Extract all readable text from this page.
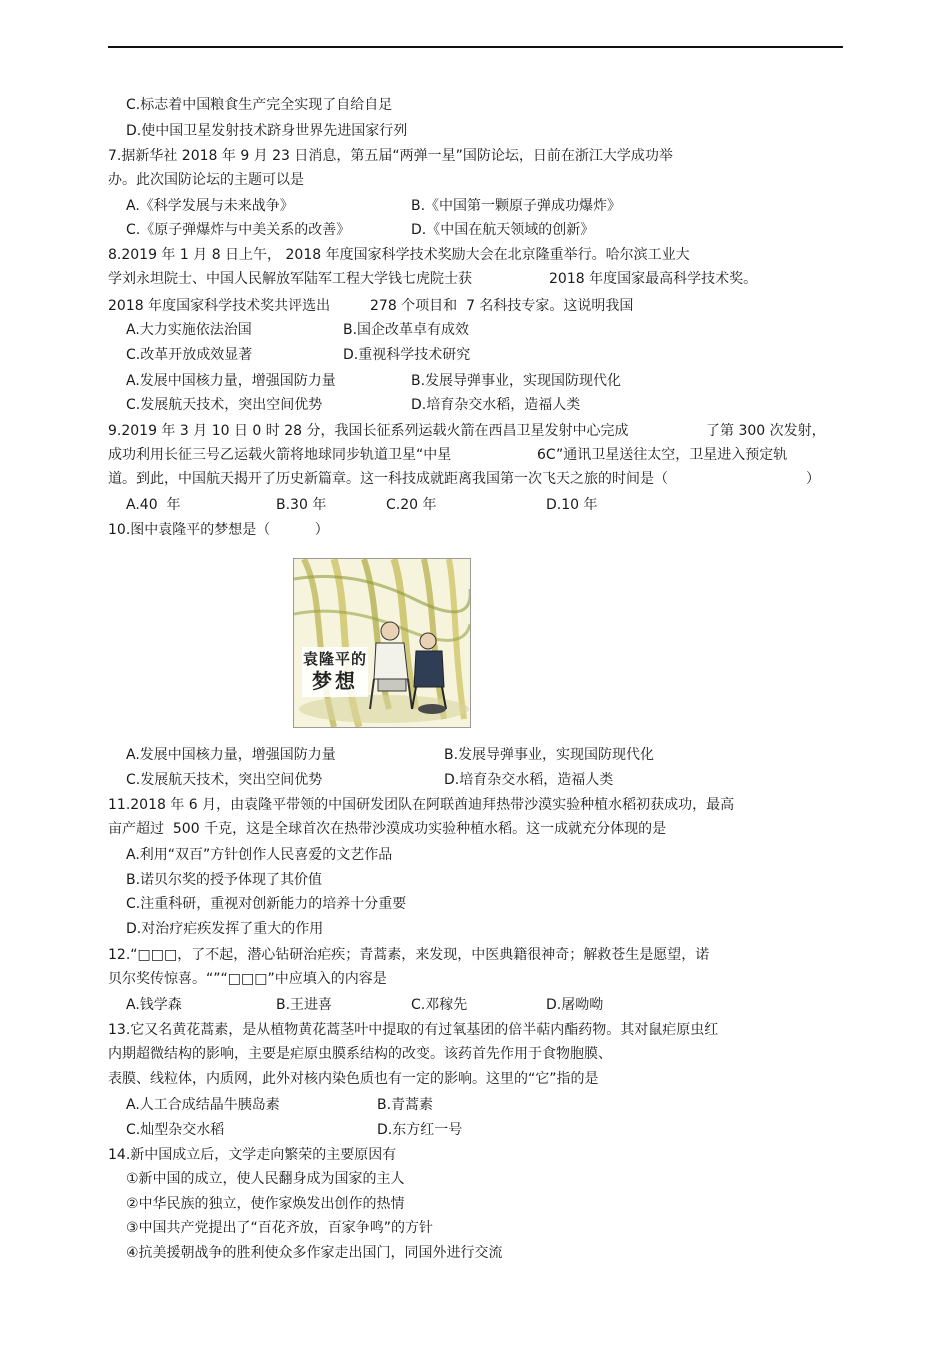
C.标志着中国粮食生产完全实现了自给自足
D.使中国卫星发射技术跻身世界先进国家行列
7.据新华社 2018 年 9 月 23 日消息，第五届“两弹一星”国防论坛，日前在浙江大学成功举
办。此次国防论坛的主题可以是
A.《科学发展与未来战争》	B.《中国第一颗原子弹成功爆炸》
C.《原子弹爆炸与中美关系的改善》	D.《中国在航天领域的创新》
8.2019 年 1 月 8 日上午， 2018 年度国家科学技术奖励大会在北京隆重举行。哈尔滨工业大
学刘永坦院士、中国人民解放军陆军工程大学钱七虎院士获	2018 年度国家最高科学技术奖。
2018 年度国家科学技术奖共评选出	278 个项目和  7 名科技专家。这说明我国
A.大力实施依法治国	B.国企改革卓有成效
C.改革开放成效显著	D.重视科学技术研究
A.发展中国核力量，增强国防力量	B.发展导弹事业，实现国防现代化
C.发展航天技术，突出空间优势	D.培育杂交水稻，造福人类
9.2019 年 3 月 10 日 0 时 28 分，我国长征系列运载火箭在西昌卫星发射中心完成	了第 300 次发射，
成功利用长征三号乙运载火箭将地球同步轨道卫星“中星	6C”通讯卫星送往太空，卫星进入预定轨
道。到此，中国航天揭开了历史新篇章。这一科技成就距离我国第一次飞天之旅的时间是（	）
A.40  年	B.30 年	C.20 年	D.10 年
10.图中袁隆平的梦想是（          ）
袁隆平的
梦想
A.发展中国核力量，增强国防力量	B.发展导弹事业，实现国防现代化
C.发展航天技术，突出空间优势	D.培育杂交水稻，造福人类
11.2018 年 6 月，由袁隆平带领的中国研发团队在阿联酋迪拜热带沙漠实验种植水稻初获成功，最高
亩产超过  500 千克，这是全球首次在热带沙漠成功实验种植水稻。这一成就充分体现的是
A.利用“双百”方针创作人民喜爱的文艺作品
B.诺贝尔奖的授予体现了其价值
C.注重科研，重视对创新能力的培养十分重要
D.对治疗疟疾发挥了重大的作用
12.“□□□，了不起，潜心钻研治疟疾；青蒿素，来发现，中医典籍很神奇；解救苍生是愿望，诺
贝尔奖传惊喜。“”“□□□”中应填入的内容是
A.钱学森	B.王进喜	C.邓稼先	D.屠呦呦
13.它又名黄花蒿素，是从植物黄花蒿茎叶中提取的有过氧基团的倍半萜内酯药物。其对鼠疟原虫红
内期超微结构的影响，主要是疟原虫膜系结构的改变。该药首先作用于食物胞膜、
表膜、线粒体，内质网，此外对核内染色质也有一定的影响。这里的“它”指的是
A.人工合成结晶牛胰岛素	B.青蒿素
C.灿型杂交水稻	D.东方红一号
14.新中国成立后，文学走向繁荣的主要原因有
①新中国的成立，使人民翻身成为国家的主人
②中华民族的独立，使作家焕发出创作的热情
③中国共产党提出了“百花齐放，百家争鸣”的方针
④抗美援朝战争的胜利使众多作家走出国门，同国外进行交流
